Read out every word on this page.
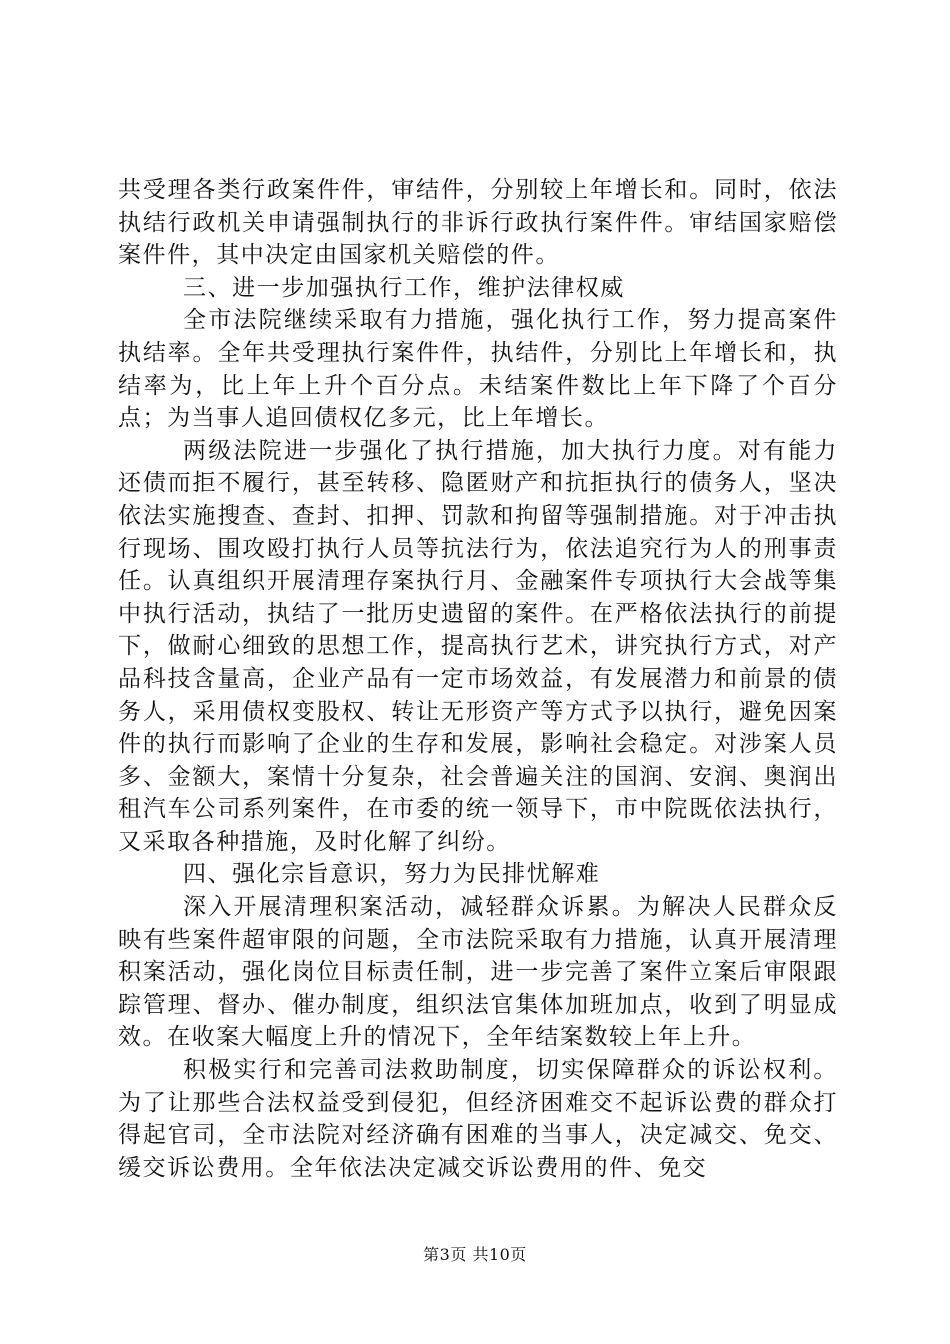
共受理各类行政案件件，审结件，分别较上年增长和。同时，依法执结行政机关申请强制执行的非诉行政执行案件件。审结国家赔偿案件件，其中决定由国家机关赔偿的件。

三、进一步加强执行工作，维护法律权威

全市法院继续采取有力措施，强化执行工作，努力提高案件执结率。全年共受理执行案件件，执结件，分别比上年增长和，执结率为，比上年上升个百分点。未结案件数比上年下降了个百分点；为当事人追回债权亿多元，比上年增长。

两级法院进一步强化了执行措施，加大执行力度。对有能力还债而拒不履行，甚至转移、隐匿财产和抗拒执行的债务人，坚决依法实施搜查、查封、扣押、罚款和拘留等强制措施。对于冲击执行现场、围攻殴打执行人员等抗法行为，依法追究行为人的刑事责任。认真组织开展清理存案执行月、金融案件专项执行大会战等集中执行活动，执结了一批历史遗留的案件。在严格依法执行的前提下，做耐心细致的思想工作，提高执行艺术，讲究执行方式，对产品科技含量高，企业产品有一定市场效益，有发展潜力和前景的债务人，采用债权变股权、转让无形资产等方式予以执行，避免因案件的执行而影响了企业的生存和发展，影响社会稳定。对涉案人员多、金额大，案情十分复杂，社会普遍关注的国润、安润、奥润出租汽车公司系列案件，在市委的统一领导下，市中院既依法执行，又采取各种措施，及时化解了纠纷。

四、强化宗旨意识，努力为民排忧解难

深入开展清理积案活动，减轻群众诉累。为解决人民群众反映有些案件超审限的问题，全市法院采取有力措施，认真开展清理积案活动，强化岗位目标责任制，进一步完善了案件立案后审限跟踪管理、督办、催办制度，组织法官集体加班加点，收到了明显成效。在收案大幅度上升的情况下，全年结案数较上年上升。

积极实行和完善司法救助制度，切实保障群众的诉讼权利。为了让那些合法权益受到侵犯，但经济困难交不起诉讼费的群众打得起官司，全市法院对经济确有困难的当事人，决定减交、免交、缓交诉讼费用。全年依法决定减交诉讼费用的件、免交

第3页 共10页
